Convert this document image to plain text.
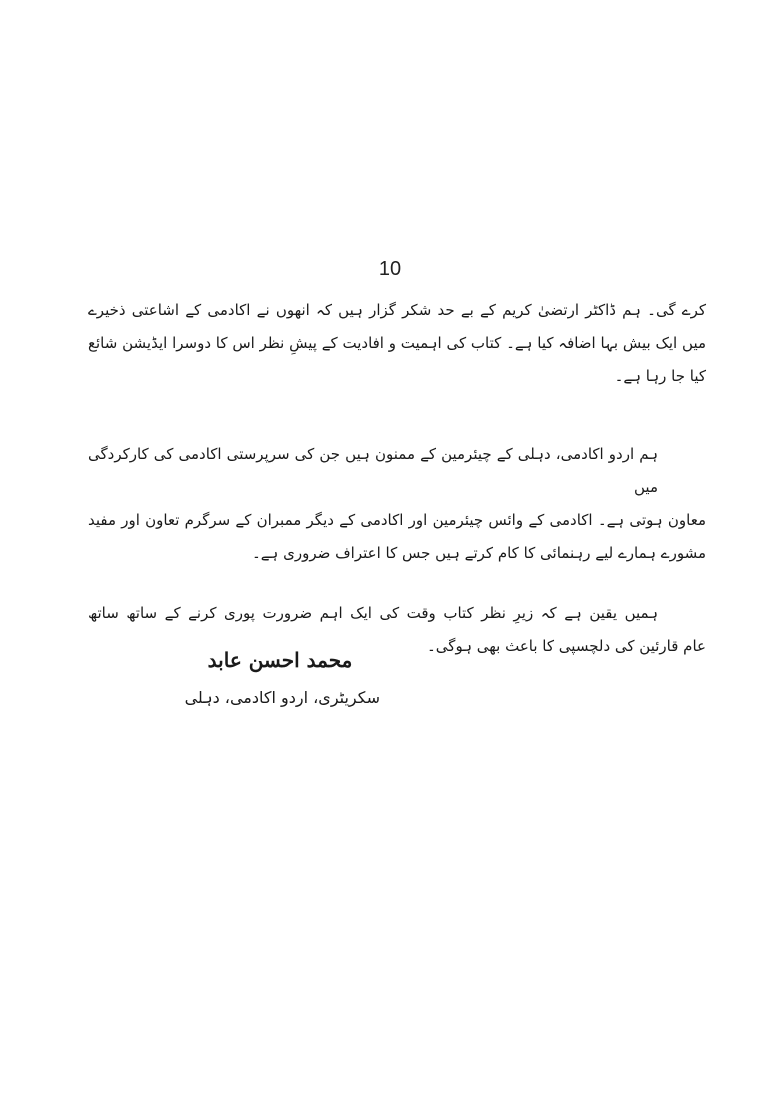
10
کرے گی۔ ہم ڈاکٹر ارتضیٰ کریم کے بے حد شکر گزار ہیں کہ انھوں نے اکادمی کے اشاعتی ذخیرے
میں ایک بیش بہا اضافہ کیا ہے۔ کتاب کی اہمیت و افادیت کے پیشِ نظر اس کا دوسرا ایڈیشن شائع
کیا جا رہا ہے۔
ہم اردو اکادمی، دہلی کے چیئرمین کے ممنون ہیں جن کی سرپرستی اکادمی کی کارکردگی میں
معاون ہوتی ہے۔ اکادمی کے وائس چیئرمین اور اکادمی کے دیگر ممبران کے سرگرم تعاون اور مفید
مشورے ہمارے لیے رہنمائی کا کام کرتے ہیں جس کا اعتراف ضروری ہے۔
ہمیں یقین ہے کہ زیرِ نظر کتاب وقت کی ایک اہم ضرورت پوری کرنے کے ساتھ ساتھ
عام قارئین کی دلچسپی کا باعث بھی ہوگی۔
محمد احسن عابد
سکریٹری، اردو اکادمی، دہلی
